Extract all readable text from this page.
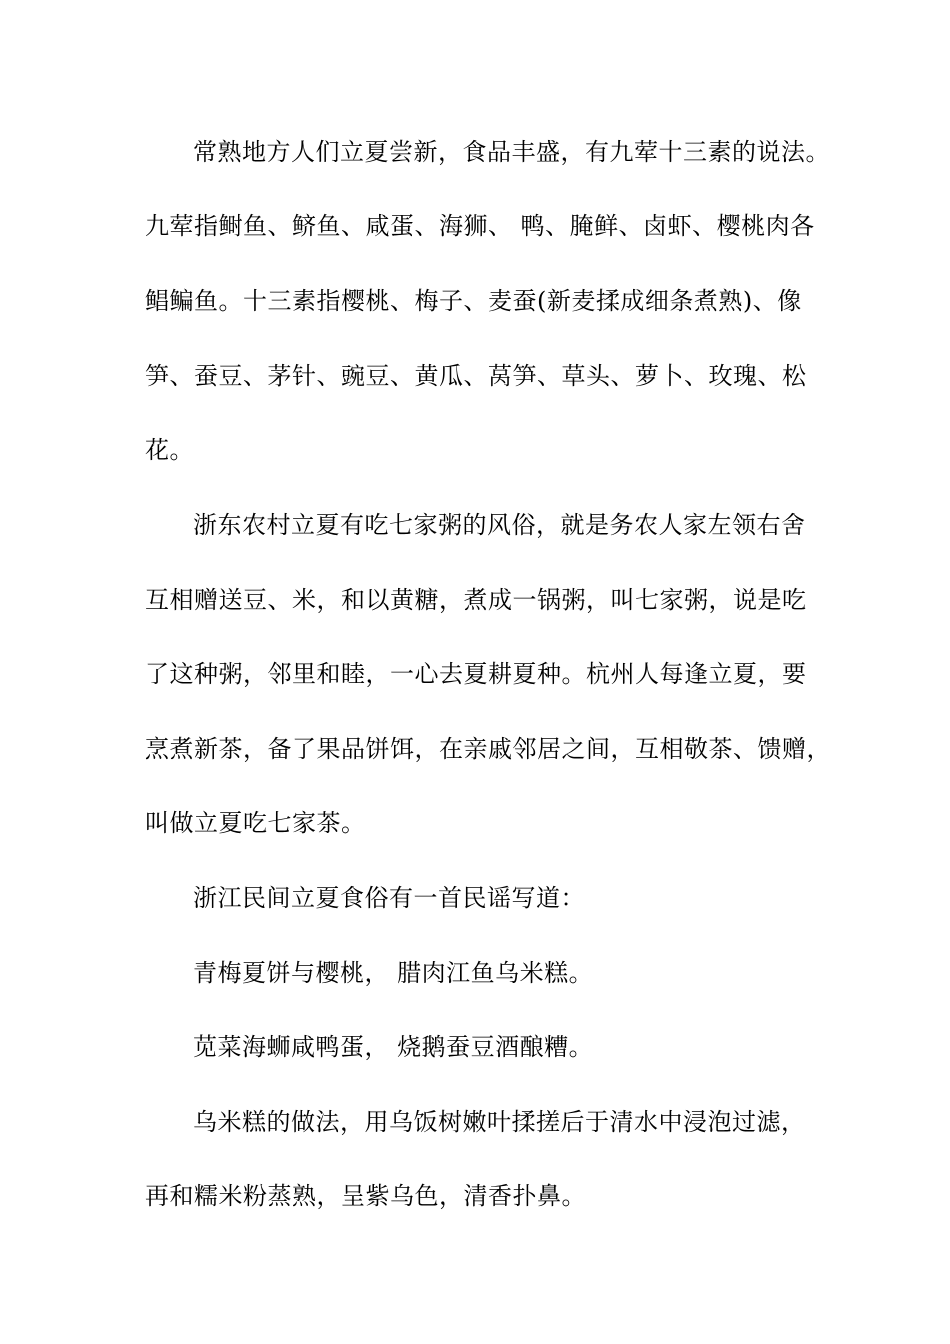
常熟地方人们立夏尝新，食品丰盛，有九荤十三素的说法。
九荤指鲥鱼、鲚鱼、咸蛋、海狮、 鸭、腌鲜、卤虾、樱桃肉各
鲳鳊鱼。十三素指樱桃、梅子、麦蚕(新麦揉成细条煮熟)、像
笋、蚕豆、茅针、豌豆、黄瓜、莴笋、草头、萝卜、玫瑰、松
花。
浙东农村立夏有吃七家粥的风俗，就是务农人家左领右舍
互相赠送豆、米，和以黄糖，煮成一锅粥，叫七家粥，说是吃
了这种粥，邻里和睦，一心去夏耕夏种。杭州人每逢立夏，要
烹煮新茶，备了果品饼饵，在亲戚邻居之间，互相敬茶、馈赠，
叫做立夏吃七家茶。
浙江民间立夏食俗有一首民谣写道：
青梅夏饼与樱桃， 腊肉江鱼乌米糕。
苋菜海蛳咸鸭蛋， 烧鹅蚕豆酒酿糟。
乌米糕的做法，用乌饭树嫩叶揉搓后于清水中浸泡过滤，
再和糯米粉蒸熟，呈紫乌色，清香扑鼻。
